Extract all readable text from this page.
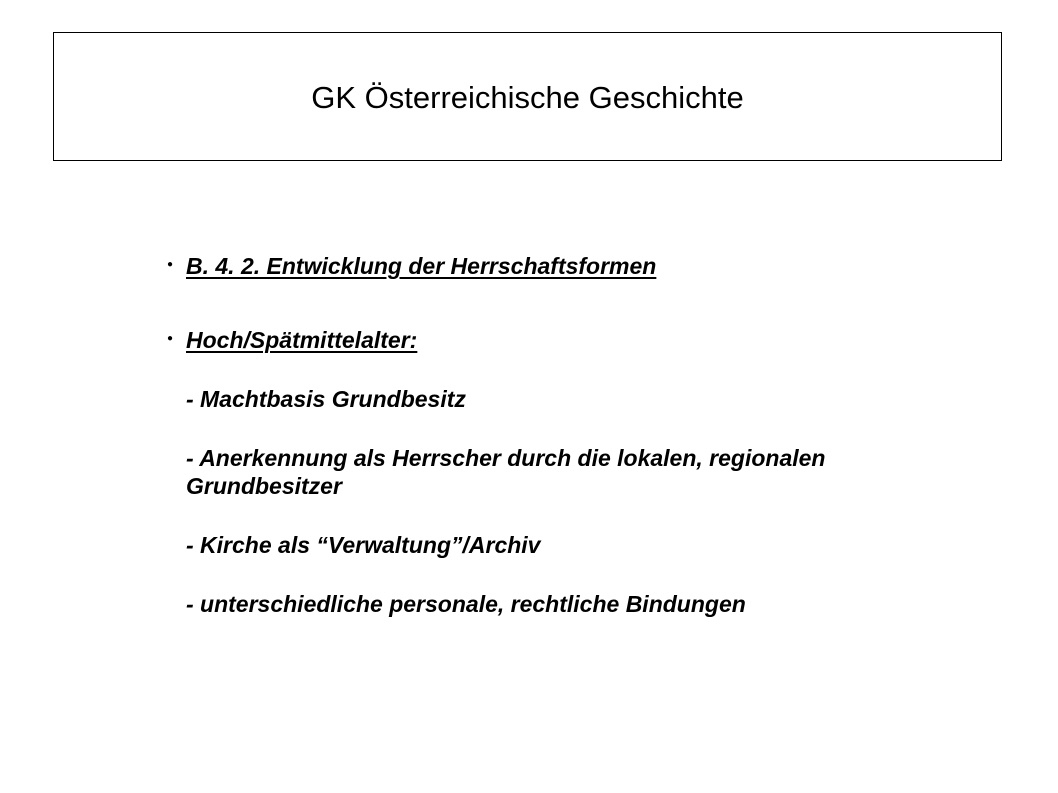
GK Österreichische Geschichte
● B. 4. 2. Entwicklung der Herrschaftsformen
● Hoch/Spätmittelalter:

- Machtbasis Grundbesitz

- Anerkennung als Herrscher durch die lokalen, regionalen

Grundbesitzer

- Kirche als “Verwaltung”/Archiv

- unterschiedliche personale, rechtliche Bindungen
